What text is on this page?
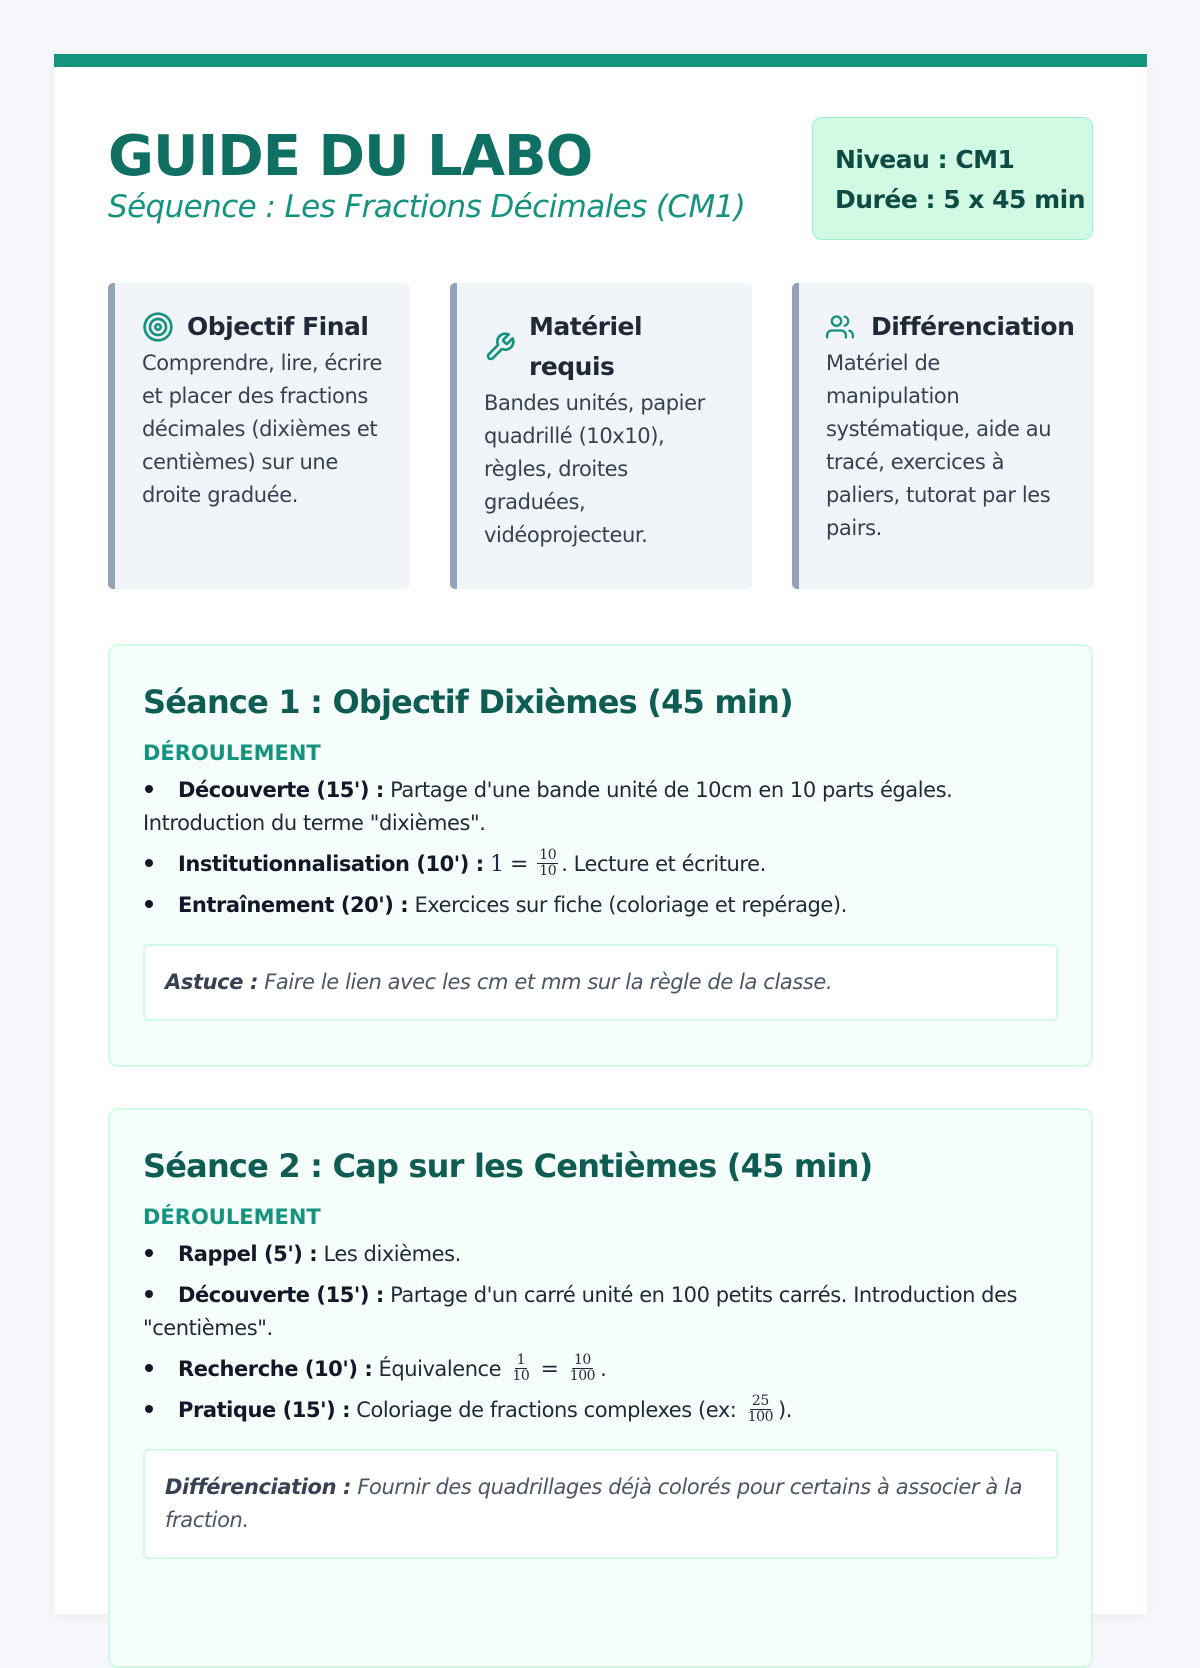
GUIDE DU LABO
Séquence : Les Fractions Décimales (CM1)
Niveau : CM1
Durée : 5 x 45 min
Objectif Final

Comprendre, lire, écrire et placer des fractions décimales (dixièmes et centièmes) sur une droite graduée.

Matériel requis

Bandes unités, papier quadrillé (10x10), règles, droites graduées, vidéoprojecteur.

Différenciation

Matériel de manipulation systématique, aide au tracé, exercices à paliers, tutorat par les pairs.

Séance 1 : Objectif Dixièmes (45 min)
DÉROULEMENT
Découverte (15') : Partage d'une bande unité de 10cm en 10 parts égales. Introduction du terme "dixièmes".
Institutionnalisation (10') : $1 = \frac{10}{10}$ . Lecture et écriture.
Entraînement (20') : Exercices sur fiche (coloriage et repérage).
Astuce : Faire le lien avec les cm et mm sur la règle de la classe.
Séance 2 : Cap sur les Centièmes (45 min)
DÉROULEMENT
Rappel (5') : Les dixièmes.
Découverte (15') : Partage d'un carré unité en 100 petits carrés. Introduction des "centièmes".
Recherche (10') : Équivalence $\frac{1}{10} = \frac{10}{100}$ .
Pratique (15') : Coloriage de fractions complexes (ex: $\frac{25}{100}$ ).
Différenciation : Fournir des quadrillages déjà colorés pour certains à associer à la fraction.
